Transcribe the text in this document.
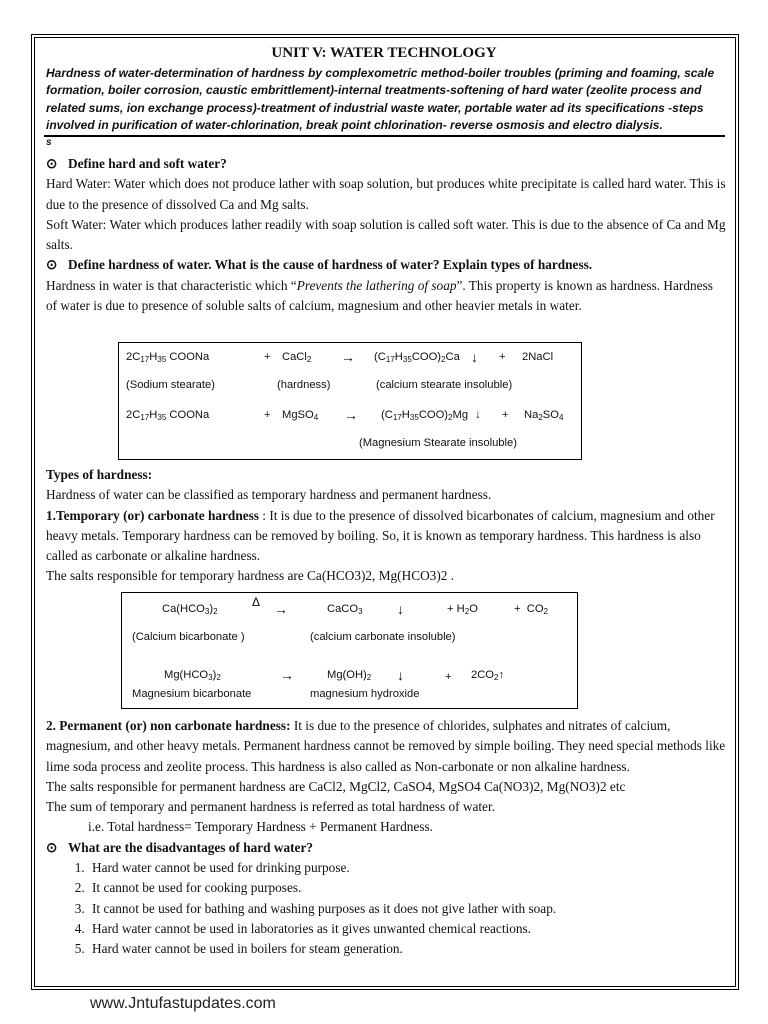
UNIT V: WATER TECHNOLOGY
Hardness of water-determination of hardness by complexometric method-boiler troubles (priming and foaming, scale formation, boiler corrosion, caustic embrittlement)-internal treatments-softening of hard water (zeolite process and related sums, ion exchange process)-treatment of industrial waste water, portable water ad its specifications -steps involved in purification of water-chlorination, break point chlorination- reverse osmosis and electro dialysis.
s

⊙ Define hard and soft water?

Hard Water: Water which does not produce lather with soap solution, but produces white precipitate is called hard water. This is due to the presence of dissolved Ca and Mg salts.

Soft Water: Water which produces lather readily with soap solution is called soft water. This is due to the absence of Ca and Mg salts.

⊙ Define hardness of water. What is the cause of hardness of water? Explain types of hardness.

Hardness in water is that characteristic which “Prevents the lathering of soap”. This property is known as hardness. Hardness of water is due to presence of soluble salts of calcium, magnesium and other heavier metals in water.

$2C_{17}H_{35}$ COONa	+ CaCl$_2$ → $(C_{17}H_{35}COO)_2Ca$ ↓ + 2NaCl
(Sodium stearate)	(hardness)	(calcium stearate insoluble)
$2C_{17}H_{35}$ COONa	+ MgSO$_4$ → $(C_{17}H_{35}COO)_2Mg$ ↓ + $Na_2SO_4$
(Magnesium Stearate insoluble)

Types of hardness:

Hardness of water can be classified as temporary hardness and permanent hardness.

1.Temporary (or) carbonate hardness : It is due to the presence of dissolved bicarbonates of calcium, magnesium and other heavy metals. Temporary hardness can be removed by boiling. So, it is known as temporary hardness. This hardness is also called as carbonate or alkaline hardness.

The salts responsible for temporary hardness are Ca(HCO3)2, Mg(HCO3)2 .

$Ca(HCO_3)_2$
Δ →	CaCO$_3$ ↓	+ $H_2O$	+  $CO_2$
(Calcium bicarbonate )	(calcium carbonate insoluble)
$Mg(HCO_3)_2$	→	$Mg(OH)_2$ ↓	+ $2CO_2↑$
Magnesium bicarbonate	magnesium hydroxide

2. Permanent (or) non carbonate hardness: It is due to the presence of chlorides, sulphates and nitrates of calcium, magnesium, and other heavy metals. Permanent hardness cannot be removed by simple boiling. They need special methods like lime soda process and zeolite process. This hardness is also called as Non-carbonate or non alkaline hardness.

The salts responsible for permanent hardness are CaCl2, MgCl2, CaSO4, MgSO4 Ca(NO3)2, Mg(NO3)2 etc

The sum of temporary and permanent hardness is referred as total hardness of water.

i.e. Total hardness= Temporary Hardness + Permanent Hardness.

⊙ What are the disadvantages of hard water?

1. Hard water cannot be used for drinking purpose.
2. It cannot be used for cooking purposes.
3. It cannot be used for bathing and washing purposes as it does not give lather with soap.
4. Hard water cannot be used in laboratories as it gives unwanted chemical reactions.
5. Hard water cannot be used in boilers for steam generation.
www.Jntufastupdates.com
